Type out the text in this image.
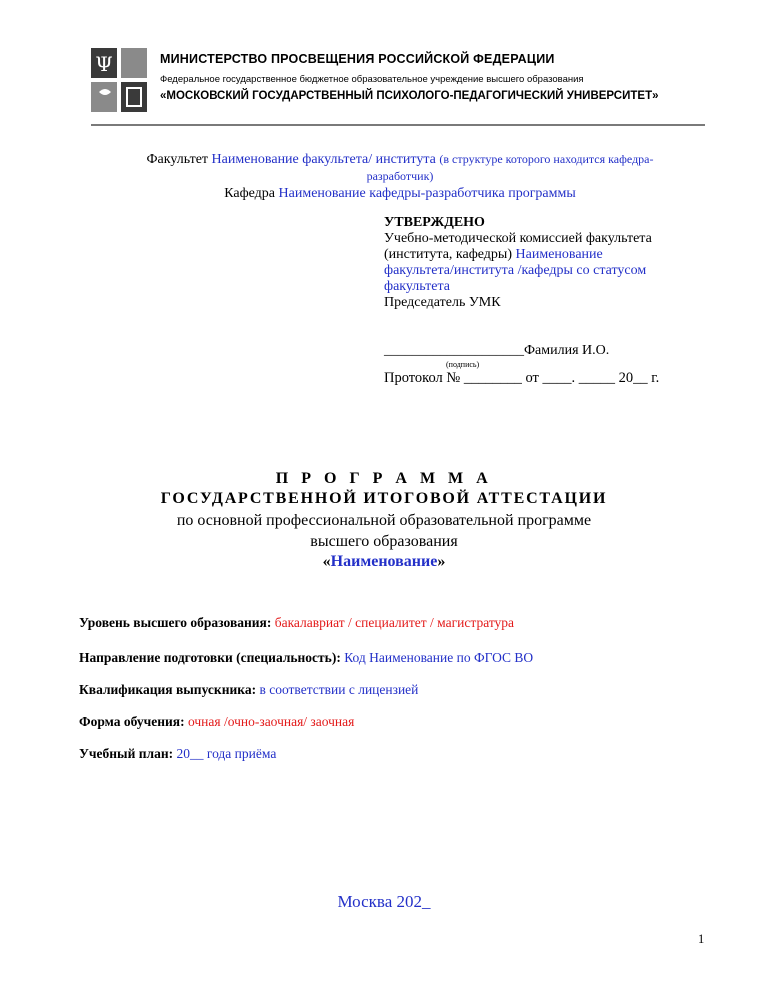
Ψ	МИНИСТЕРСТВО ПРОСВЕЩЕНИЯ РОССИЙСКОЙ ФЕДЕРАЦИИ
Федеральное государственное бюджетное образовательное учреждение высшего образования
«МОСКОВСКИЙ ГОСУДАРСТВЕННЫЙ ПСИХОЛОГО-ПЕДАГОГИЧЕСКИЙ УНИВЕРСИТЕТ»
Факультет Наименование факультета/ института (в структуре которого находится кафедра-
разработчик)
Кафедра Наименование кафедры-разработчика программы
УТВЕРЖДЕНО
Учебно-методической комиссией факультета
(института, кафедры) Наименование
факультета/института /кафедры со статусом
факультета
Председатель УМК
____________________Фамилия И.О.
(подпись)
Протокол № ________ от ____. _____ 20__ г.
П Р О Г Р А М М А
ГОСУДАРСТВЕННОЙ ИТОГОВОЙ АТТЕСТАЦИИ
по основной профессиональной образовательной программе
высшего образования
«Наименование»
Уровень высшего образования: бакалавриат / специалитет / магистратура
Направление подготовки (специальность): Код Наименование по ФГОС ВО
Квалификация выпускника: в соответствии с лицензией
Форма обучения: очная /очно-заочная/ заочная
Учебный план: 20__ года приёма
Москва 202_
1
